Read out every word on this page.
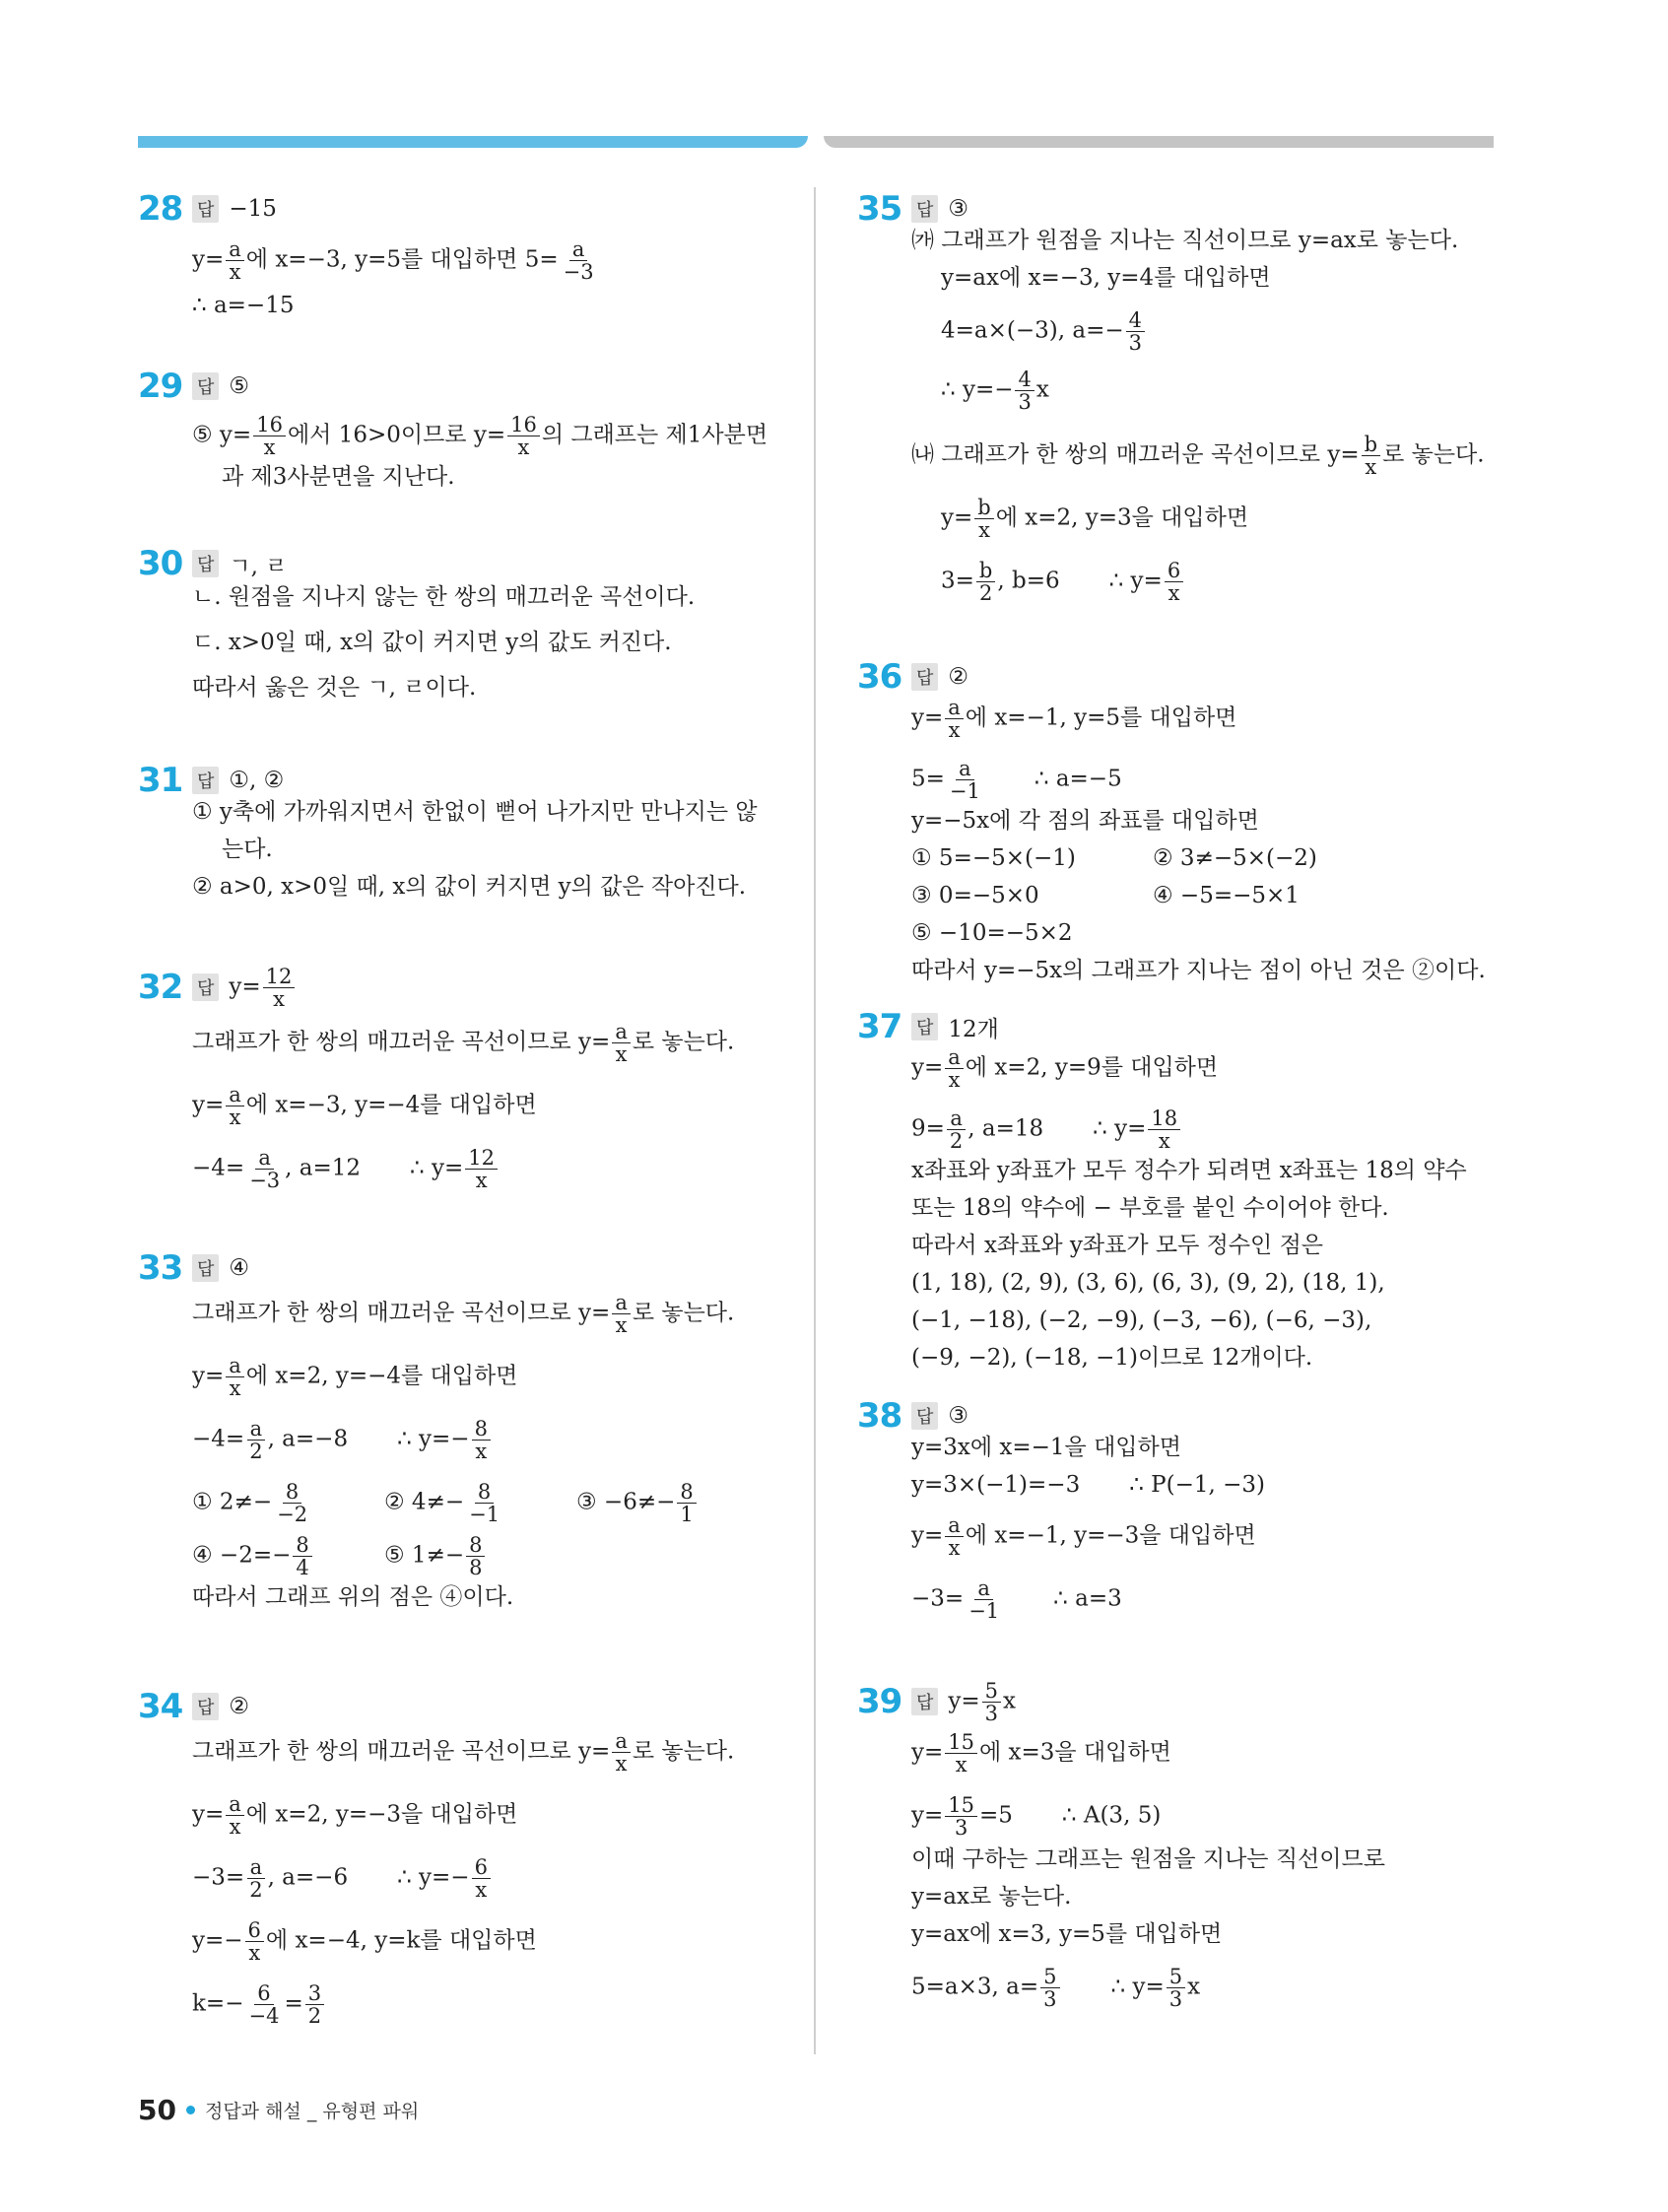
28 답 −15
$y= \frac{a}{x}$ 에 x=−3, y=5를 대입하면 $5= \frac{a}{-3}$
∴ a=−15
29 답 ⑤
⑤ $y= \frac{16}{x}$ 에서 16>0이므로 $y= \frac{16}{x}$ 의 그래프는 제1사분면
과 제3사분면을 지난다.
30 답 ㄱ, ㄹ
ㄴ. 원점을 지나지 않는 한 쌍의 매끄러운 곡선이다.
ㄷ. x>0일 때, x의 값이 커지면 y의 값도 커진다.
따라서 옳은 것은 ㄱ, ㄹ이다.
31 답 ①, ②
① y축에 가까워지면서 한없이 뻗어 나가지만 만나지는 않
는다.
② a>0, x>0일 때, x의 값이 커지면 y의 값은 작아진다.
32 답 $y= \frac{12}{x}$
그래프가 한 쌍의 매끄러운 곡선이므로 $y= \frac{a}{x}$ 로 놓는다.
$y= \frac{a}{x}$ 에 x=−3, y=−4를 대입하면
$-4= \frac{a}{-3}$ , a=12 ∴ $y= \frac{12}{x}$
33 답 ④
그래프가 한 쌍의 매끄러운 곡선이므로 $y= \frac{a}{x}$ 로 놓는다.
$y= \frac{a}{x}$ 에 x=2, y=−4를 대입하면
$-4= \frac{a}{2}$ , a=−8 ∴ $y=- \frac{8}{x}$
① $2\ne- \frac{8}{-2}$	② $4\ne- \frac{8}{-1}$	③ $-6\ne- \frac{8}{1}$
④ $-2=- \frac{8}{4}$	⑤ $1\ne- \frac{8}{8}$
따라서 그래프 위의 점은 ④이다.
34 답 ②
그래프가 한 쌍의 매끄러운 곡선이므로 $y= \frac{a}{x}$ 로 놓는다.
$y= \frac{a}{x}$ 에 x=2, y=−3을 대입하면
$-3= \frac{a}{2}$ , a=−6 ∴ $y=- \frac{6}{x}$
$y=- \frac{6}{x}$ 에 x=−4, y=k를 대입하면
$k=- \frac{6}{-4} = \frac{3}{2}$
35 답 ③
㈎ 그래프가 원점을 지나는 직선이므로 y=ax로 놓는다.
y=ax에 x=−3, y=4를 대입하면
4=a×(−3), $a=- \frac{4}{3}$
∴ $y=- \frac{4}{3}$ x
㈏ 그래프가 한 쌍의 매끄러운 곡선이므로 $y= \frac{b}{x}$ 로 놓는다.
$y= \frac{b}{x}$ 에 x=2, y=3을 대입하면
$3= \frac{b}{2}$ , b=6 ∴ $y= \frac{6}{x}$
36 답 ②
$y= \frac{a}{x}$ 에 x=−1, y=5를 대입하면
$5= \frac{a}{-1}$ ∴ a=−5
y=−5x에 각 점의 좌표를 대입하면
① 5=−5×(−1)	② 3≠−5×(−2)
③ 0=−5×0	④ −5=−5×1
⑤ −10=−5×2
따라서 y=−5x의 그래프가 지나는 점이 아닌 것은 ②이다.
37 답 12개
$y= \frac{a}{x}$ 에 x=2, y=9를 대입하면
$9= \frac{a}{2}$ , a=18 ∴ $y= \frac{18}{x}$
x좌표와 y좌표가 모두 정수가 되려면 x좌표는 18의 약수
또는 18의 약수에 − 부호를 붙인 수이어야 한다.
따라서 x좌표와 y좌표가 모두 정수인 점은
(1, 18), (2, 9), (3, 6), (6, 3), (9, 2), (18, 1),
(−1, −18), (−2, −9), (−3, −6), (−6, −3),
(−9, −2), (−18, −1)이므로 12개이다.
38 답 ③
y=3x에 x=−1을 대입하면
y=3×(−1)=−3 ∴ P(−1, −3)
$y= \frac{a}{x}$ 에 x=−1, y=−3을 대입하면
$-3= \frac{a}{-1}$ ∴ a=3
39 답 $y= \frac{5}{3}$ x
$y= \frac{15}{x}$ 에 x=3을 대입하면
$y= \frac{15}{3} =5$ ∴ A(3, 5)
이때 구하는 그래프는 원점을 지나는 직선이므로
y=ax로 놓는다.
y=ax에 x=3, y=5를 대입하면
5=a×3, $a= \frac{5}{3}$ ∴ $y= \frac{5}{3}$ x
50 정답과 해설 _ 유형편 파워
